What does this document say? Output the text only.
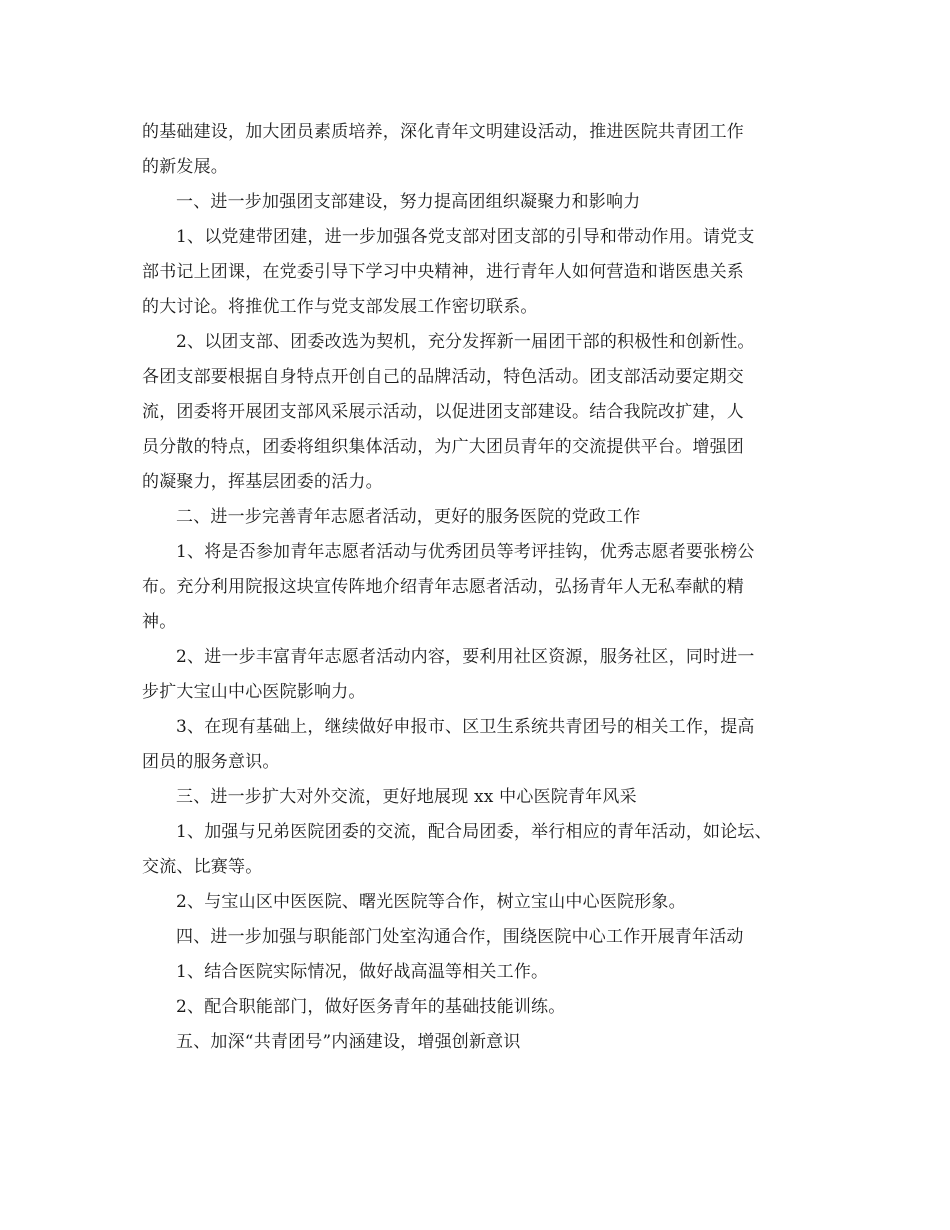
的基础建设，加大团员素质培养，深化青年文明建设活动，推进医院共青团工作
的新发展。
一、进一步加强团支部建设，努力提高团组织凝聚力和影响力
1、以党建带团建，进一步加强各党支部对团支部的引导和带动作用。请党支
部书记上团课，在党委引导下学习中央精神，进行青年人如何营造和谐医患关系
的大讨论。将推优工作与党支部发展工作密切联系。
2、以团支部、团委改选为契机，充分发挥新一届团干部的积极性和创新性。
各团支部要根据自身特点开创自己的品牌活动，特色活动。团支部活动要定期交
流，团委将开展团支部风采展示活动，以促进团支部建设。结合我院改扩建，人
员分散的特点，团委将组织集体活动，为广大团员青年的交流提供平台。增强团
的凝聚力，挥基层团委的活力。
二、进一步完善青年志愿者活动，更好的服务医院的党政工作
1、将是否参加青年志愿者活动与优秀团员等考评挂钩，优秀志愿者要张榜公
布。充分利用院报这块宣传阵地介绍青年志愿者活动，弘扬青年人无私奉献的精
神。
2、进一步丰富青年志愿者活动内容，要利用社区资源，服务社区，同时进一
步扩大宝山中心医院影响力。
3、在现有基础上，继续做好申报市、区卫生系统共青团号的相关工作，提高
团员的服务意识。
三、进一步扩大对外交流，更好地展现 xx 中心医院青年风采
1、加强与兄弟医院团委的交流，配合局团委，举行相应的青年活动，如论坛、
交流、比赛等。
2、与宝山区中医医院、曙光医院等合作，树立宝山中心医院形象。
四、进一步加强与职能部门处室沟通合作，围绕医院中心工作开展青年活动
1、结合医院实际情况，做好战高温等相关工作。
2、配合职能部门，做好医务青年的基础技能训练。
五、加深“共青团号”内涵建设，增强创新意识
